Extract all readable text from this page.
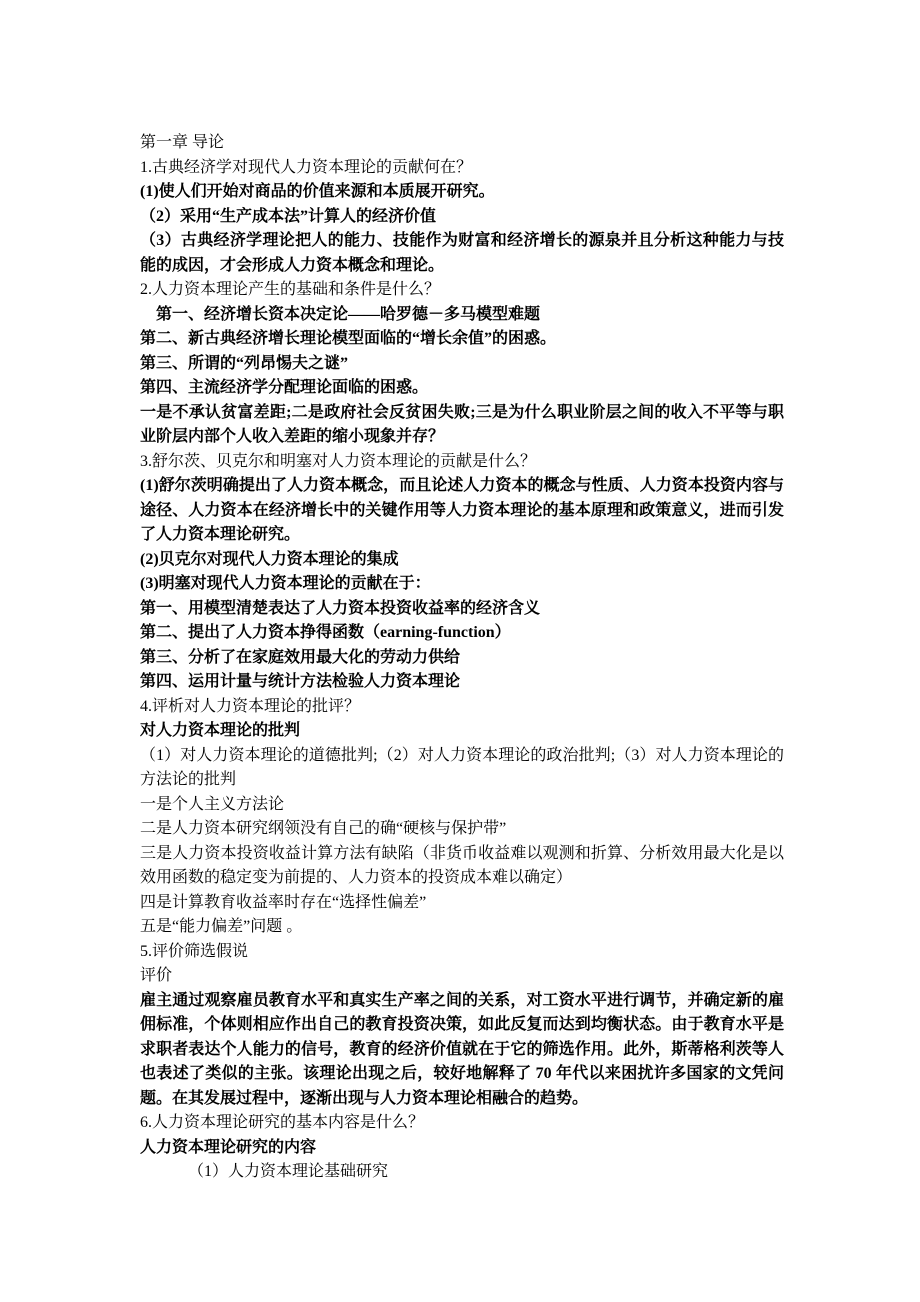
第一章 导论

1.古典经济学对现代人力资本理论的贡献何在？

(1)使人们开始对商品的价值来源和本质展开研究。

（2）采用“生产成本法”计算人的经济价值

（3）古典经济学理论把人的能力、技能作为财富和经济增长的源泉并且分析这种能力与技能的成因，才会形成人力资本概念和理论。

2.人力资本理论产生的基础和条件是什么？

第一、经济增长资本决定论——哈罗德－多马模型难题

第二、新古典经济增长理论模型面临的“增长余值”的困惑。

第三、所谓的“列昂惕夫之谜”

第四、主流经济学分配理论面临的困惑。

一是不承认贫富差距;二是政府社会反贫困失败;三是为什么职业阶层之间的收入不平等与职业阶层内部个人收入差距的缩小现象并存？

3.舒尔茨、贝克尔和明塞对人力资本理论的贡献是什么？

(1)舒尔茨明确提出了人力资本概念，而且论述人力资本的概念与性质、人力资本投资内容与途径、人力资本在经济增长中的关键作用等人力资本理论的基本原理和政策意义，进而引发了人力资本理论研究。

(2)贝克尔对现代人力资本理论的集成

(3)明塞对现代人力资本理论的贡献在于：

第一、用模型清楚表达了人力资本投资收益率的经济含义

第二、提出了人力资本挣得函数（earning-function）

第三、分析了在家庭效用最大化的劳动力供给

第四、运用计量与统计方法检验人力资本理论

4.评析对人力资本理论的批评？

对人力资本理论的批判

（1）对人力资本理论的道德批判;（2）对人力资本理论的政治批判;（3）对人力资本理论的方法论的批判

一是个人主义方法论

二是人力资本研究纲领没有自己的确“硬核与保护带”

三是人力资本投资收益计算方法有缺陷（非货币收益难以观测和折算、分析效用最大化是以效用函数的稳定变为前提的、人力资本的投资成本难以确定）

四是计算教育收益率时存在“选择性偏差”

五是“能力偏差”问题 。

5.评价筛选假说

评价

雇主通过观察雇员教育水平和真实生产率之间的关系，对工资水平进行调节，并确定新的雇佣标准，个体则相应作出自己的教育投资决策，如此反复而达到均衡状态。由于教育水平是求职者表达个人能力的信号，教育的经济价值就在于它的筛选作用。此外，斯蒂格利茨等人也表述了类似的主张。该理论出现之后，较好地解释了 70 年代以来困扰许多国家的文凭问题。在其发展过程中，逐渐出现与人力资本理论相融合的趋势。

6.人力资本理论研究的基本内容是什么？

人力资本理论研究的内容

（1）人力资本理论基础研究
